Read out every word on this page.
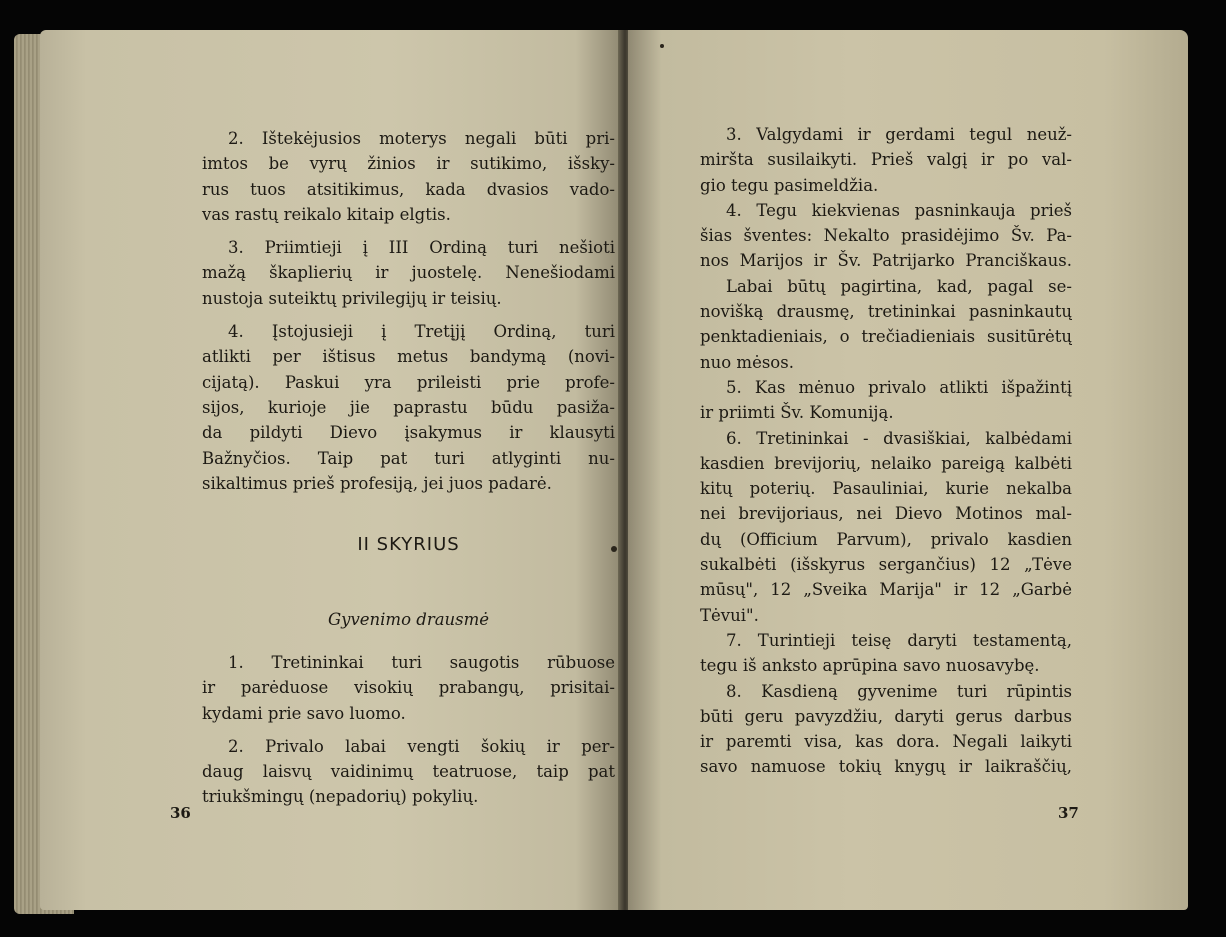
2. Ištekėjusios moterys negali būti pri-
imtos be vyrų žinios ir sutikimo, išsky-
rus tuos atsitikimus, kada dvasios vado-
vas rastų reikalo kitaip elgtis.

3. Priimtieji į III Ordiną turi nešioti
mažą škaplierių ir juostelę. Nenešiodami
nustoja suteiktų privilegijų ir teisių.

4. Įstojusieji į Tretįjį Ordiną, turi
atlikti per ištisus metus bandymą (novi-
cijatą). Paskui yra prileisti prie profe-
sijos, kurioje jie paprastu būdu pasiža-
da pildyti Dievo įsakymus ir klausyti
Bažnyčios. Taip pat turi atlyginti nu-
sikaltimus prieš profesiją, jei juos padarė.

II SKYRIUS
Gyvenimo drausmė

1. Tretininkai turi saugotis rūbuose
ir parėduose visokių prabangų, prisitai-
kydami prie savo luomo.

2. Privalo labai vengti šokių ir per-
daug laisvų vaidinimų teatruose, taip pat
triukšmingų (nepadorių) pokylių.

36
3. Valgydami ir gerdami tegul neuž-
miršta susilaikyti. Prieš valgį ir po val-
gio tegu pasimeldžia.
4. Tegu kiekvienas pasninkauja prieš
šias šventes: Nekalto prasidėjimo Šv. Pa-
nos Marijos ir Šv. Patrijarko Pranciškaus.
Labai būtų pagirtina, kad, pagal se-
novišką drausmę, tretininkai pasninkautų
penktadieniais, o trečiadieniais susitūrėtų
nuo mėsos.
5. Kas mėnuo privalo atlikti išpažintį
ir priimti Šv. Komuniją.
6. Tretininkai - dvasiškiai, kalbėdami
kasdien brevijorių, nelaiko pareigą kalbėti
kitų poterių. Pasauliniai, kurie nekalba
nei brevijoriaus, nei Dievo Motinos mal-
dų (Officium Parvum), privalo kasdien
sukalbėti (išskyrus sergančius) 12 „Tėve
mūsų", 12 „Sveika Marija" ir 12 „Garbė
Tėvui".
7. Turintieji teisę daryti testamentą,
tegu iš anksto aprūpina savo nuosavybę.
8. Kasdieną gyvenime turi rūpintis
būti geru pavyzdžiu, daryti gerus darbus
ir paremti visa, kas dora. Negali laikyti
savo namuose tokių knygų ir laikraščių,
37
